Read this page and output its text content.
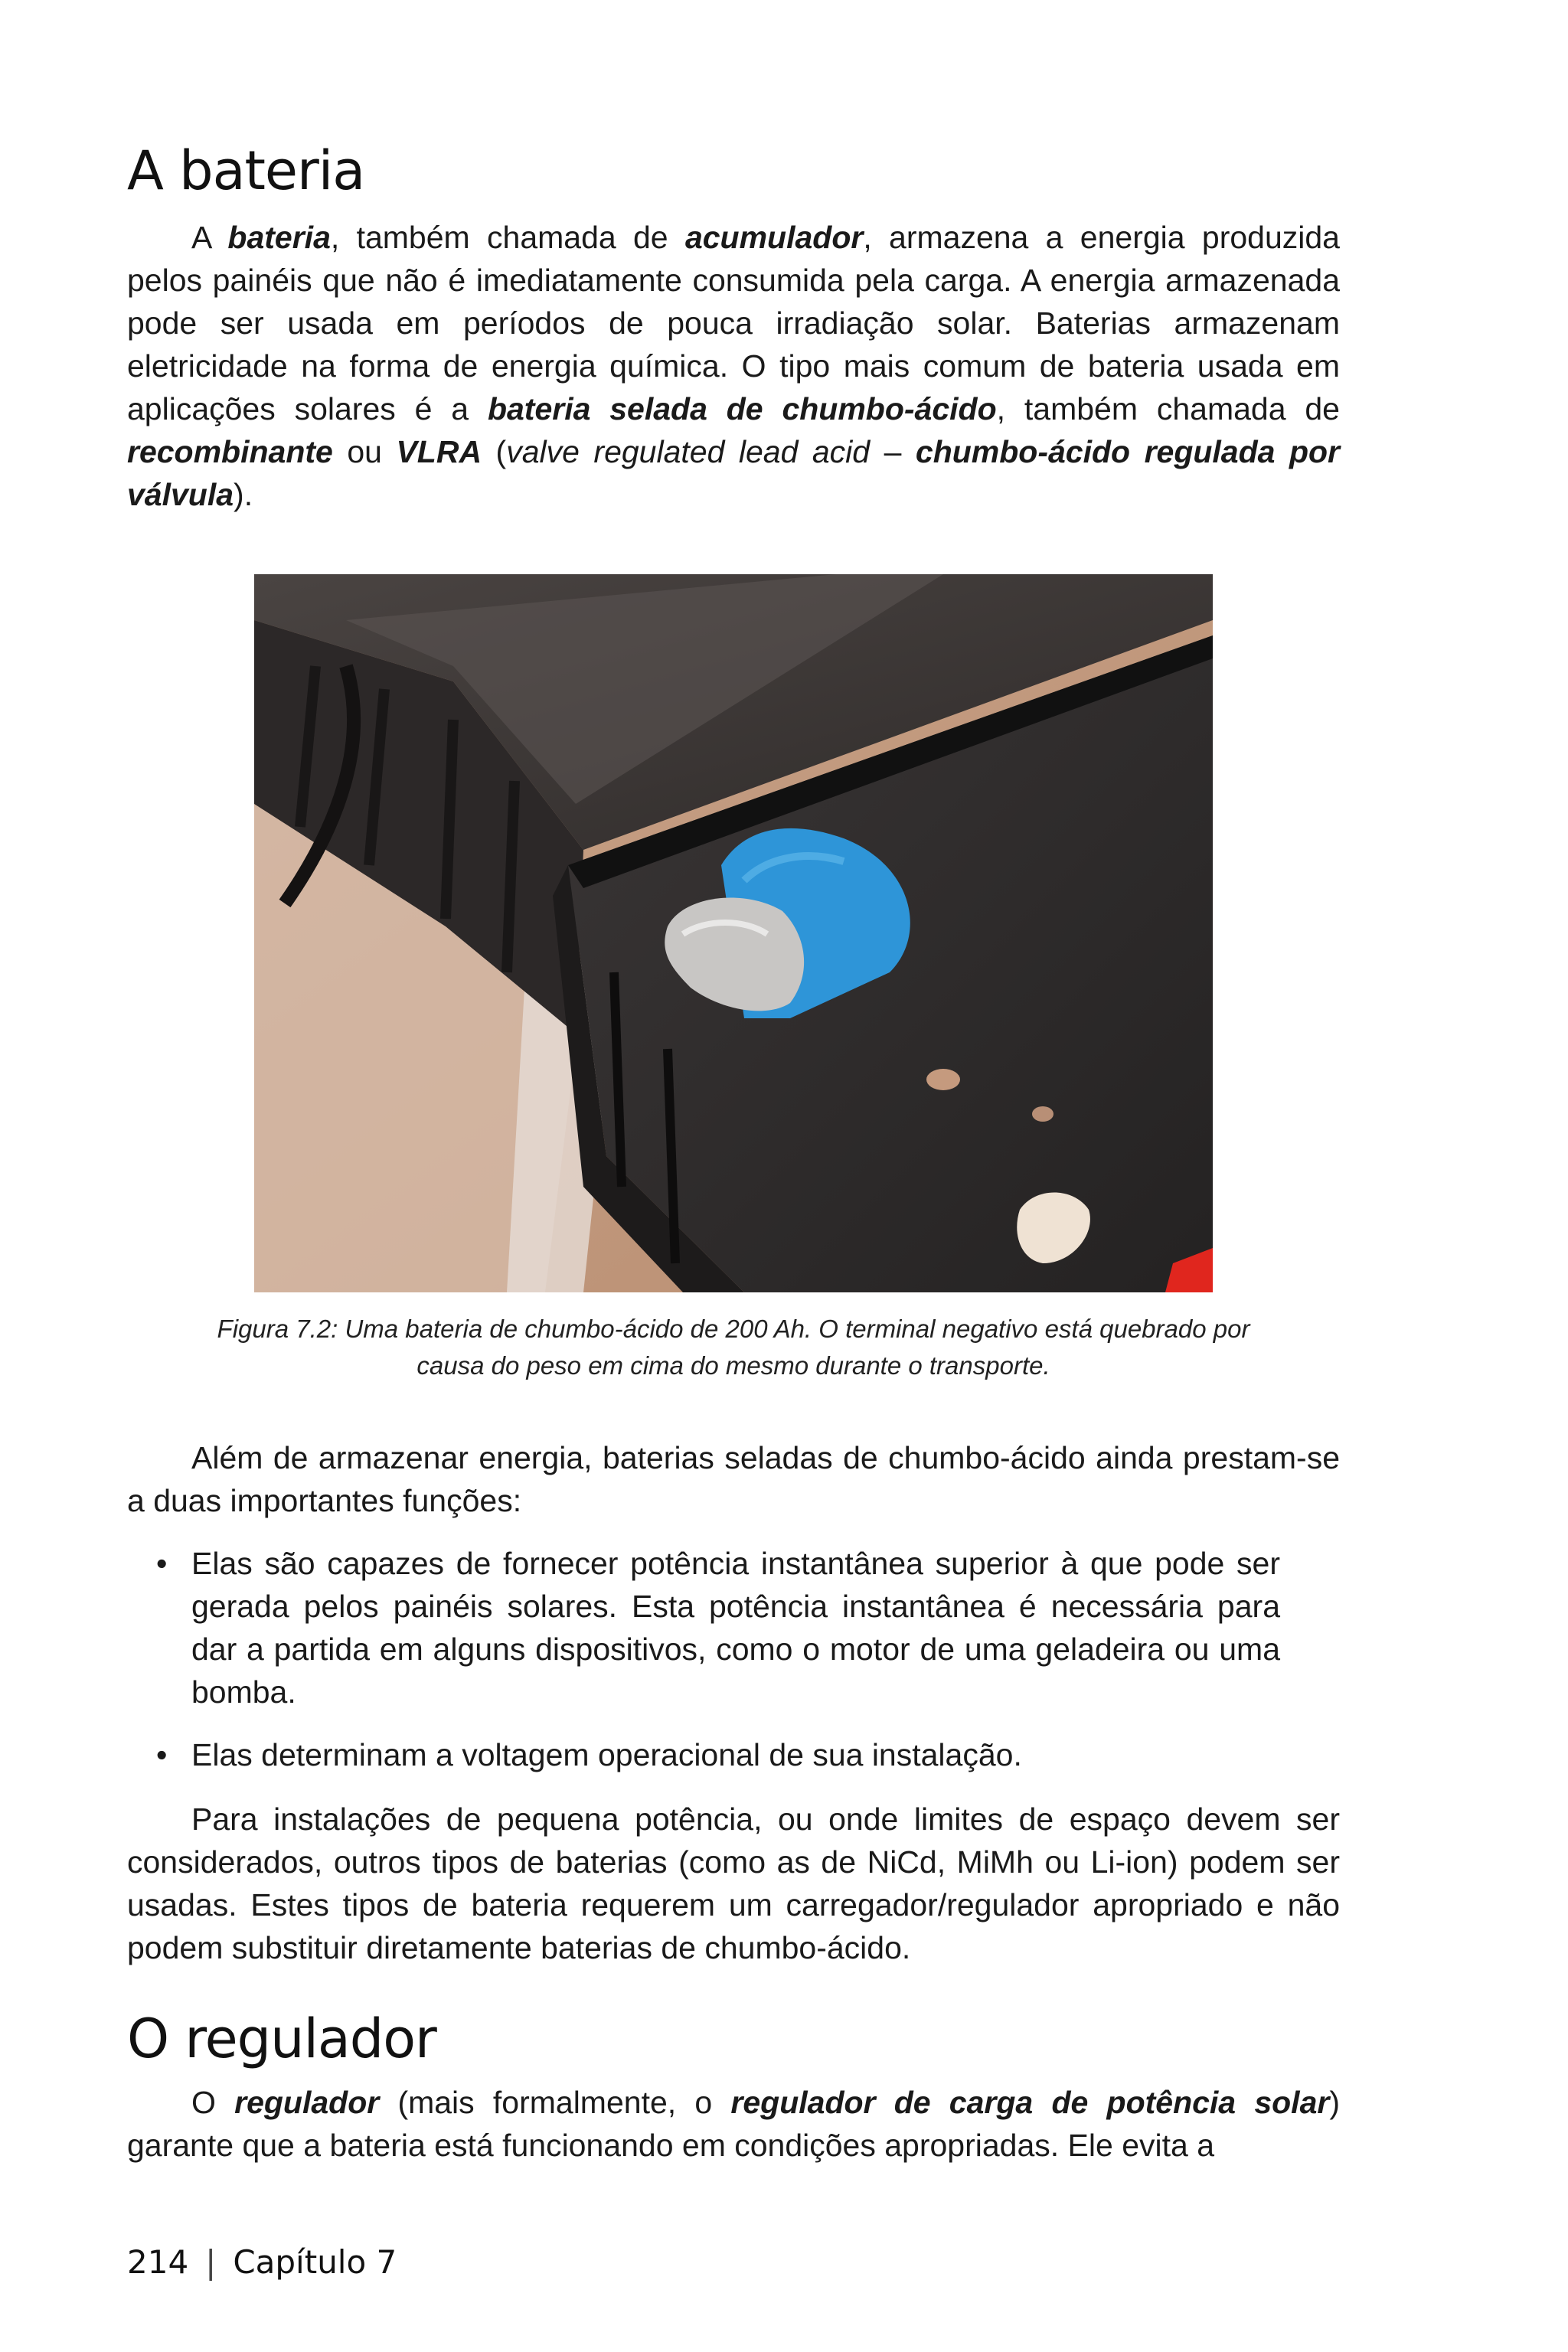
A bateria

A bateria, também chamada de acumulador, armazena a energia produzida pelos painéis que não é imediatamente consumida pela carga. A energia armazenada pode ser usada em períodos de pouca irradiação solar. Baterias armazenam eletricidade na forma de energia química. O tipo mais comum de bateria usada em aplicações solares é a bateria selada de chumbo-ácido, também chamada de recombinante ou VLRA (valve regulated lead acid – chumbo-ácido regulada por válvula).

Figura 7.2: Uma bateria de chumbo-ácido de 200 Ah. O terminal negativo está quebrado por
causa do peso em cima do mesmo durante o transporte.

Além de armazenar energia, baterias seladas de chumbo-ácido ainda prestam-se a duas importantes funções:

• Elas são capazes de fornecer potência instantânea superior à que pode ser gerada pelos painéis solares. Esta potência instantânea é necessária para dar a partida em alguns dispositivos, como o motor de uma geladeira ou uma bomba.
• Elas determinam a voltagem operacional de sua instalação.

Para instalações de pequena potência, ou onde limites de espaço devem ser considerados, outros tipos de baterias (como as de NiCd, MiMh ou Li-ion) podem ser usadas. Estes tipos de bateria requerem um carregador/regulador apropriado e não podem substituir diretamente baterias de chumbo-ácido.

O regulador

O regulador (mais formalmente, o regulador de carga de potência solar) garante que a bateria está funcionando em condições apropriadas. Ele evita a

214 | Capítulo 7
